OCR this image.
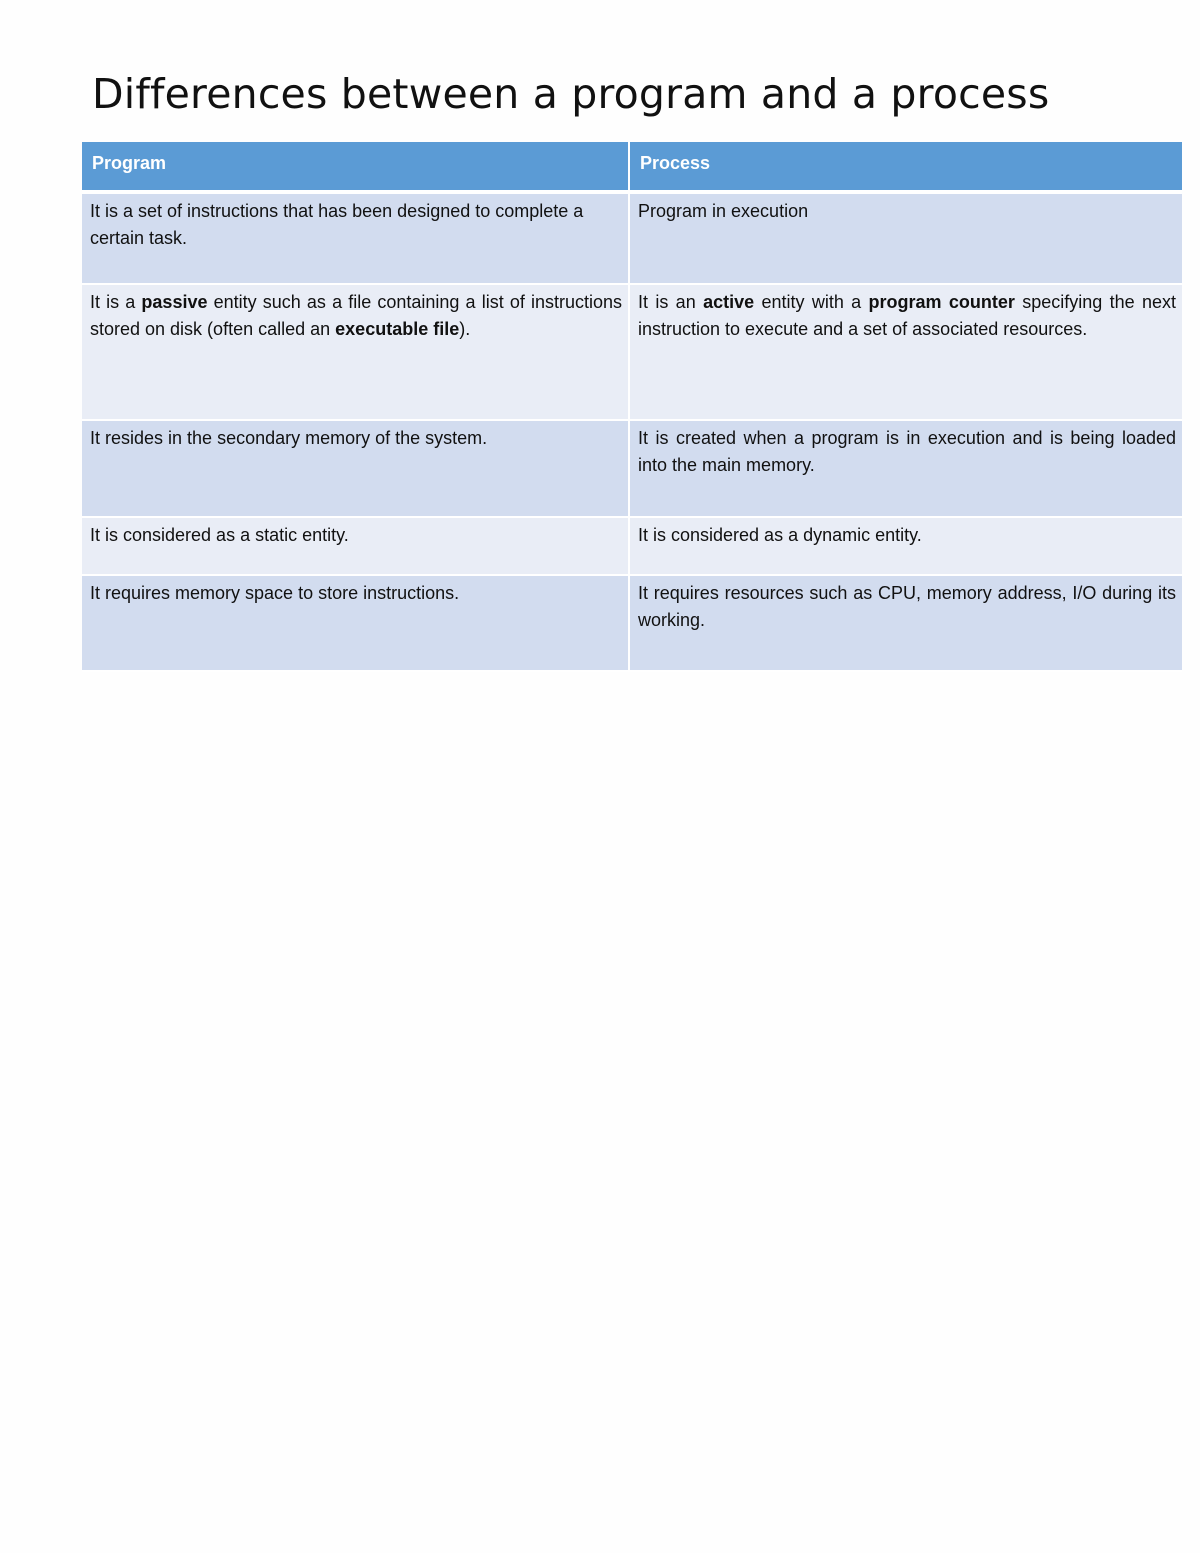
Differences between a program and a process
Program	Process
It is a set of instructions that has been designed to complete a certain task.	Program in execution
It is a passive entity such as a file containing a list of instructions stored on disk (often called an executable file).	It is an active entity with a program counter specifying the next instruction to execute and a set of associated resources.
It resides in the secondary memory of the system.	It is created when a program is in execution and is being loaded into the main memory.
It is considered as a static entity.	It is considered as a dynamic entity.
It requires memory space to store instructions.	It requires resources such as CPU, memory address, I/O during its working.
